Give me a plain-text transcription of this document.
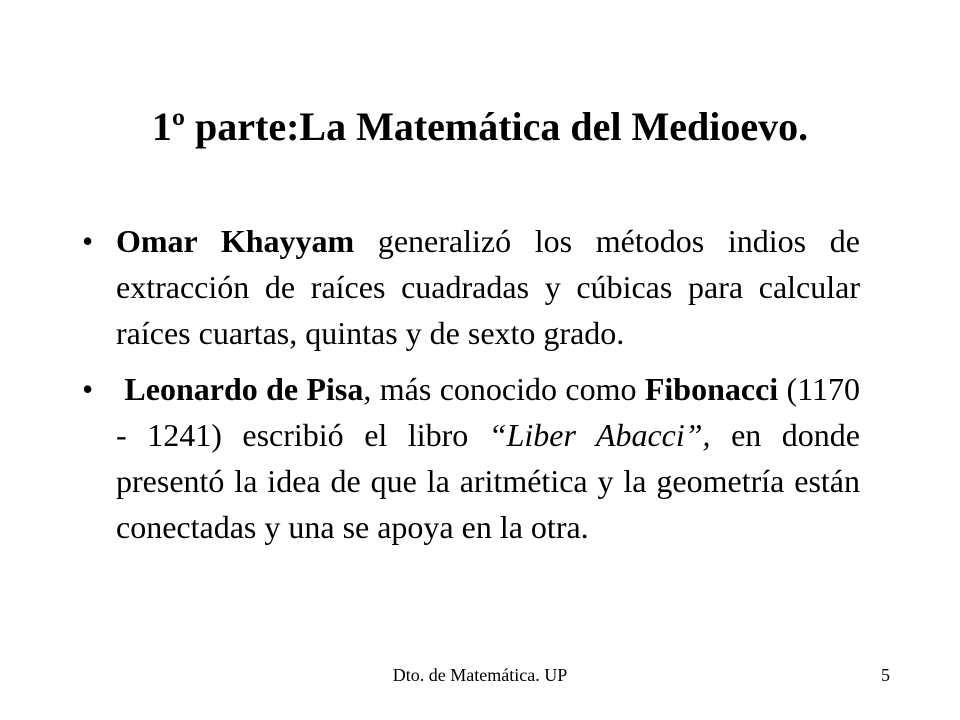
1º parte:La Matemática del Medioevo.
• Omar Khayyam generalizó los métodos indios de extracción de raíces cuadradas y cúbicas para calcular raíces cuartas, quintas y de sexto grado.
• Leonardo de Pisa, más conocido como Fibonacci (1170 - 1241) escribió el libro “Liber Abacci”, en donde presentó la idea de que la aritmética y la geometría están conectadas y una se apoya en la otra.
Dto. de Matemática. UP	5
